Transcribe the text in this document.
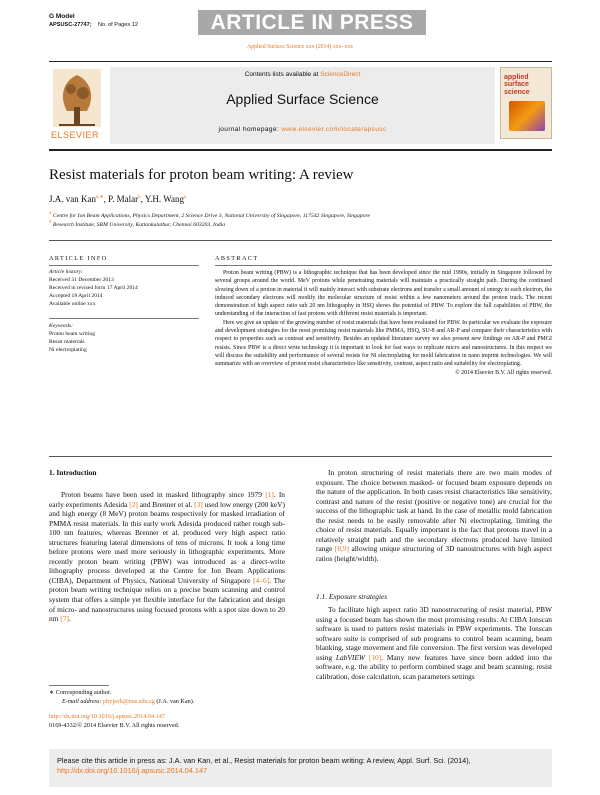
G Model
APSUSC-27747; No. of Pages 12	ARTICLE IN PRESS
Applied Surface Science xxx (2014) xxx–xxx
ELSEVIER
Contents lists available at ScienceDirect
Applied Surface Science
journal homepage: www.elsevier.com/locate/apsusc
applied surface science
Resist materials for proton beam writing: A review
J.A. van Kan$^{a,∗}$, P. Malar$^b$, Y.H. Wang$^a$
$^a$ Centre for Ion Beam Applications, Physics Department, 2 Science Drive 3, National University of Singapore, 117542 Singapore, Singapore
$^b$ Research Institute, SRM University, Kattankulathur, Chennai 603203, India
ARTICLE INFO
Article history:
Received 31 December 2013
Received in revised form 17 April 2014
Accepted 18 April 2014
Available online xxx
Keywords:
Proton beam writing
Resist materials
Ni electroplating
ABSTRACT

Proton beam writing (PBW) is a lithographic technique that has been developed since the mid 1990s, initially in Singapore followed by several groups around the world. MeV protons while penetrating materials will maintain a practically straight path. During the continued slowing down of a proton in material it will mainly interact with substrate electrons and transfer a small amount of energy to each electron, the induced secondary electrons will modify the molecular structure of resist within a few nanometers around the proton track. The recent demonstration of high aspect ratio sub 20 nm lithography in HSQ shows the potential of PBW. To explore the full capabilities of PBW, the understanding of the interaction of fast protons with different resist materials is important.

Here we give an update of the growing number of resist materials that have been evaluated for PBW. In particular we evaluate the exposure and development strategies for the most promising resist materials like PMMA, HSQ, SU-8 and AR-P and compare their characteristics with respect to properties such as contrast and sensitivity. Besides an updated literature survey we also present new findings on AR-P and PMGI resists. Since PBW is a direct write technology it is important to look for fast ways to replicate micro and nanostructures. In this respect we will discuss the suitability and performance of several resists for Ni electroplating for mold fabrication in nano imprint technologies. We will summarize with an overview of proton resist characteristics like sensitivity, contrast, aspect ratio and suitability for electroplating.

© 2014 Elsevier B.V. All rights reserved.
1. Introduction
Proton beams have been used in masked lithography since 1979 [1]. In early experiments Adesida [2] and Brenner et al. [3] used low energy (200 keV) and high energy (8 MeV) proton beams respectively for masked irradiation of PMMA resist materials. In this early work Adesida produced rather rough sub-100 nm features, whereas Brenner et al. produced very high aspect ratio structures featuring lateral dimensions of tens of microns. It took a long time before protons were used more seriously in lithographic experiments. More recently proton beam writing (PBW) was introduced as a direct-write lithography process developed at the Centre for Ion Beam Applications (CIBA), Department of Physics, National University of Singapore [4–6]. The proton beam writing technique relies on a precise beam scanning and control system that offers a simple yet flexible interface for the fabrication and design of micro- and nanostructures using focused protons with a spot size down to 20 nm [7].
In proton structuring of resist materials there are two main modes of exposure. The choice between masked- or focused beam exposure depends on the nature of the application. In both cases resist characteristics like sensitivity, contrast and nature of the resist (positive or negative tone) are crucial for the success of the lithographic task at hand. In the case of metallic mold fabrication the resist needs to be easily removable after Ni electroplating, limiting the choice of resist materials. Equally important is the fact that protons travel in a relatively straight path and the secondary electrons produced have limited range [8,9] allowing unique structuring of 3D nanostructures with high aspect ratios (height/width).
1.1. Exposure strategies
To facilitate high aspect ratio 3D nanostructuring of resist material, PBW using a focused beam has shown the most promising results. At CIBA Ionscan software is used to pattern resist materials in PBW experiments. The Ionscan software suite is comprised of sub programs to control beam scanning, beam blanking, stage movement and file conversion. The first version was developed using LabVIEW [10]. Many new features have since been added into the software, e.g. the ability to perform combined stage and beam scanning, resist calibration, dose calculation, scan parameters settings
∗ Corresponding author.
E-mail address: phyjavk@nus.edu.sg (J.A. van Kan).
http://dx.doi.org/10.1016/j.apsusc.2014.04.147
0169-4332/© 2014 Elsevier B.V. All rights reserved.
Please cite this article in press as: J.A. van Kan, et al., Resist materials for proton beam writing: A review, Appl. Surf. Sci. (2014),
http://dx.doi.org/10.1016/j.apsusc.2014.04.147
